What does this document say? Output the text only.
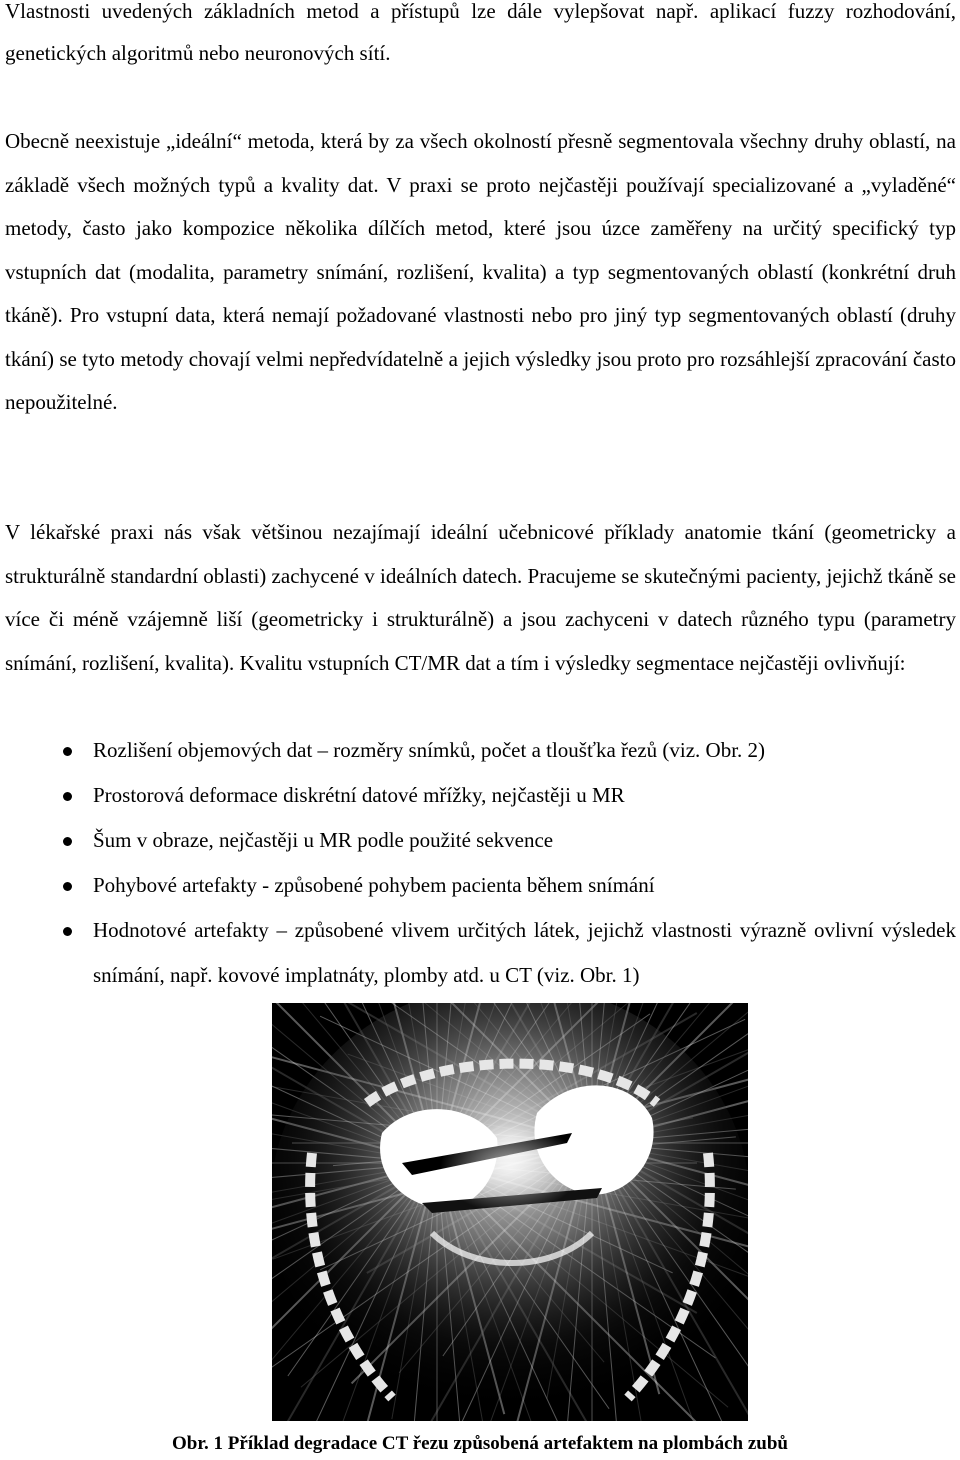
Vlastnosti uvedených základních metod a přístupů lze dále vylepšovat např. aplikací fuzzy rozhodování, genetických algoritmů nebo neuronových sítí.

Obecně neexistuje „ideální“ metoda, která by za všech okolností přesně segmentovala všechny druhy oblastí, na základě všech možných typů a kvality dat. V praxi se proto nejčastěji používají specializované a „vyladěné“ metody, často jako kompozice několika dílčích metod, které jsou úzce zaměřeny na určitý specifický typ vstupních dat (modalita, parametry snímání, rozlišení, kvalita) a typ segmentovaných oblastí (konkrétní druh tkáně). Pro vstupní data, která nemají požadované vlastnosti nebo pro jiný typ segmentovaných oblastí (druhy tkání) se tyto metody chovají velmi nepředvídatelně a jejich výsledky jsou proto pro rozsáhlejší zpracování často nepoužitelné.

V lékařské praxi nás však většinou nezajímají ideální učebnicové příklady anatomie tkání (geometricky a strukturálně standardní oblasti) zachycené v ideálních datech. Pracujeme se skutečnými pacienty, jejichž tkáně se více či méně vzájemně liší (geometricky i strukturálně) a jsou zachyceni v datech různého typu (parametry snímání, rozlišení, kvalita). Kvalitu vstupních CT/MR dat a tím i výsledky segmentace nejčastěji ovlivňují:

Rozlišení objemových dat – rozměry snímků, počet a tloušťka řezů (viz. Obr. 2)
Prostorová deformace diskrétní datové mřížky, nejčastěji u MR
Šum v obraze, nejčastěji u MR podle použité sekvence
Pohybové artefakty - způsobené pohybem pacienta během snímání
Hodnotové artefakty – způsobené vlivem určitých látek, jejichž vlastnosti výrazně ovlivní výsledek snímání, např. kovové implatnáty, plomby atd. u CT (viz. Obr. 1)

Obr. 1 Příklad degradace CT řezu způsobená artefaktem na plombách zubů
